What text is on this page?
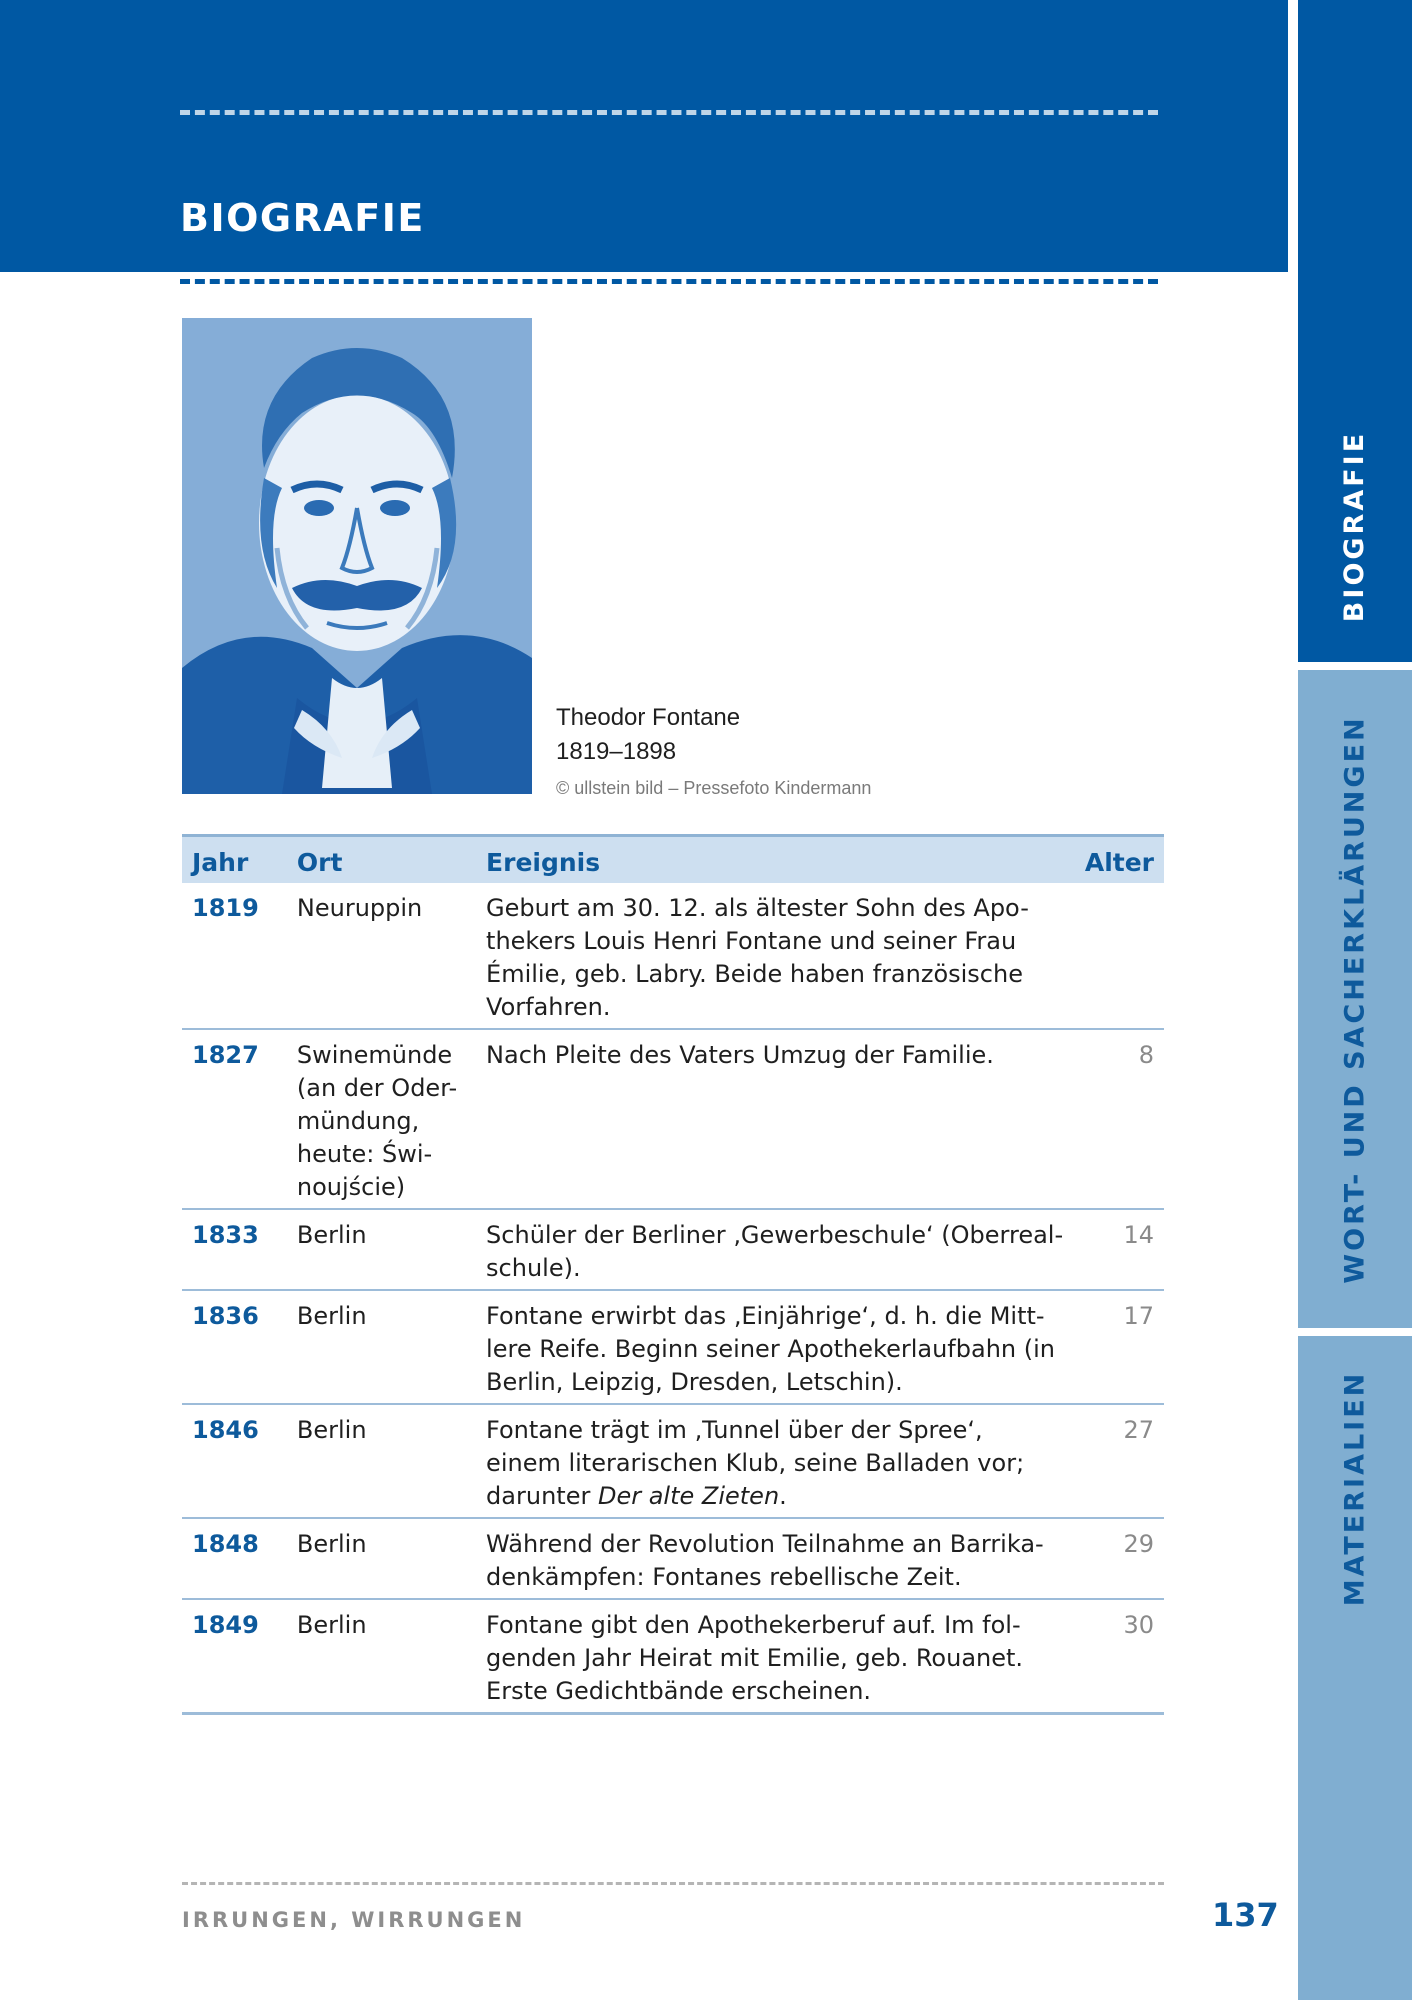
BIOGRAFIE
BIOGRAFIE
WORT- UND SACHERKLÄRUNGEN
MATERIALIEN
Theodor Fontane
1819–1898
© ullstein bild – Pressefoto Kindermann
Jahr	Ort	Ereignis	Alter
1819	Neuruppin	Geburt am 30. 12. als ältester Sohn des Apo-thekers Louis Henri Fontane und seiner Frau Émilie, geb. Labry. Beide haben französische Vorfahren.	
1827	Swinemünde (an der Oder-mündung, heute: Świ-noujście)	Nach Pleite des Vaters Umzug der Familie.	8
1833	Berlin	Schüler der Berliner ‚Gewerbeschule‘ (Oberreal-schule).	14
1836	Berlin	Fontane erwirbt das ‚Einjährige‘, d. h. die Mitt-lere Reife. Beginn seiner Apothekerlaufbahn (in Berlin, Leipzig, Dresden, Letschin).	17
1846	Berlin	Fontane trägt im ‚Tunnel über der Spree‘, einem literarischen Klub, seine Balladen vor; darunter Der alte Zieten.	27
1848	Berlin	Während der Revolution Teilnahme an Barrika-denkämpfen: Fontanes rebellische Zeit.	29
1849	Berlin	Fontane gibt den Apothekerberuf auf. Im fol-genden Jahr Heirat mit Emilie, geb. Rouanet. Erste Gedichtbände erscheinen.	30
IRRUNGEN, WIRRUNGEN	137
